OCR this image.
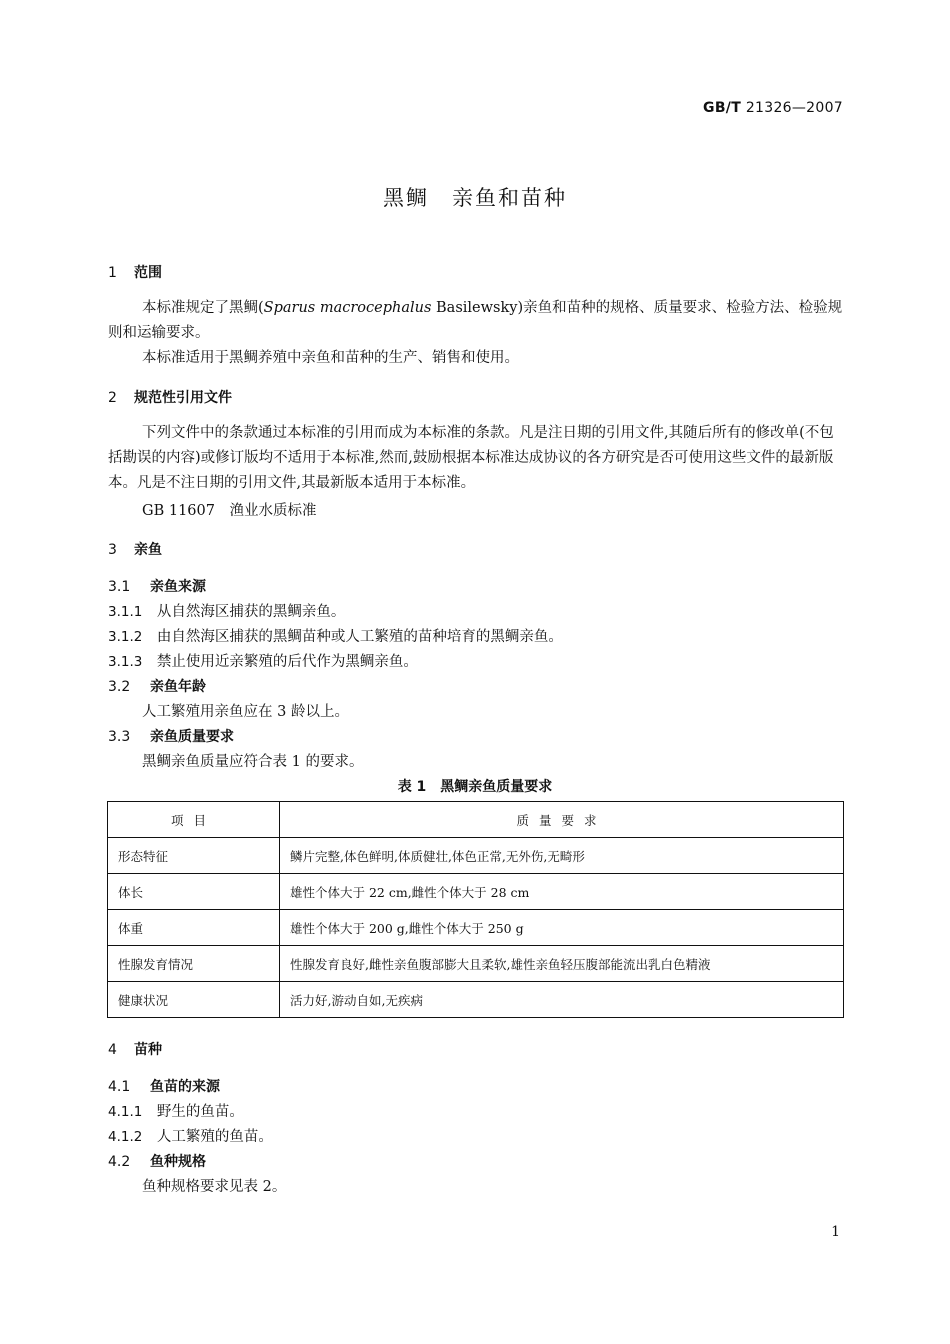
GB/T 21326—2007
黑鲷　亲鱼和苗种
1 范围
本标准规定了黑鲷(Sparus macrocephalus Basilewsky)亲鱼和苗种的规格、质量要求、检验方法、检验规则和运输要求。
本标准适用于黑鲷养殖中亲鱼和苗种的生产、销售和使用。
2 规范性引用文件
下列文件中的条款通过本标准的引用而成为本标准的条款。凡是注日期的引用文件,其随后所有的修改单(不包括勘误的内容)或修订版均不适用于本标准,然而,鼓励根据本标准达成协议的各方研究是否可使用这些文件的最新版本。凡是不注日期的引用文件,其最新版本适用于本标准。
GB 11607　渔业水质标准
3 亲鱼
3.1 亲鱼来源
3.1.1　 从自然海区捕获的黑鲷亲鱼。
3.1.2　 由自然海区捕获的黑鲷苗种或人工繁殖的苗种培育的黑鲷亲鱼。
3.1.3　 禁止使用近亲繁殖的后代作为黑鲷亲鱼。
3.2 亲鱼年龄
人工繁殖用亲鱼应在 3 龄以上。
3.3 亲鱼质量要求
黑鲷亲鱼质量应符合表 1 的要求。
表 1　黑鲷亲鱼质量要求
项目	质量要求
形态特征	鳞片完整,体色鲜明,体质健壮,体色正常,无外伤,无畸形
体长	雄性个体大于 22 cm,雌性个体大于 28 cm
体重	雄性个体大于 200 g,雌性个体大于 250 g
性腺发育情况	性腺发育良好,雌性亲鱼腹部膨大且柔软,雄性亲鱼轻压腹部能流出乳白色精液
健康状况	活力好,游动自如,无疾病
4 苗种
4.1 鱼苗的来源
4.1.1　 野生的鱼苗。
4.1.2　 人工繁殖的鱼苗。
4.2 鱼种规格
鱼种规格要求见表 2。
1
